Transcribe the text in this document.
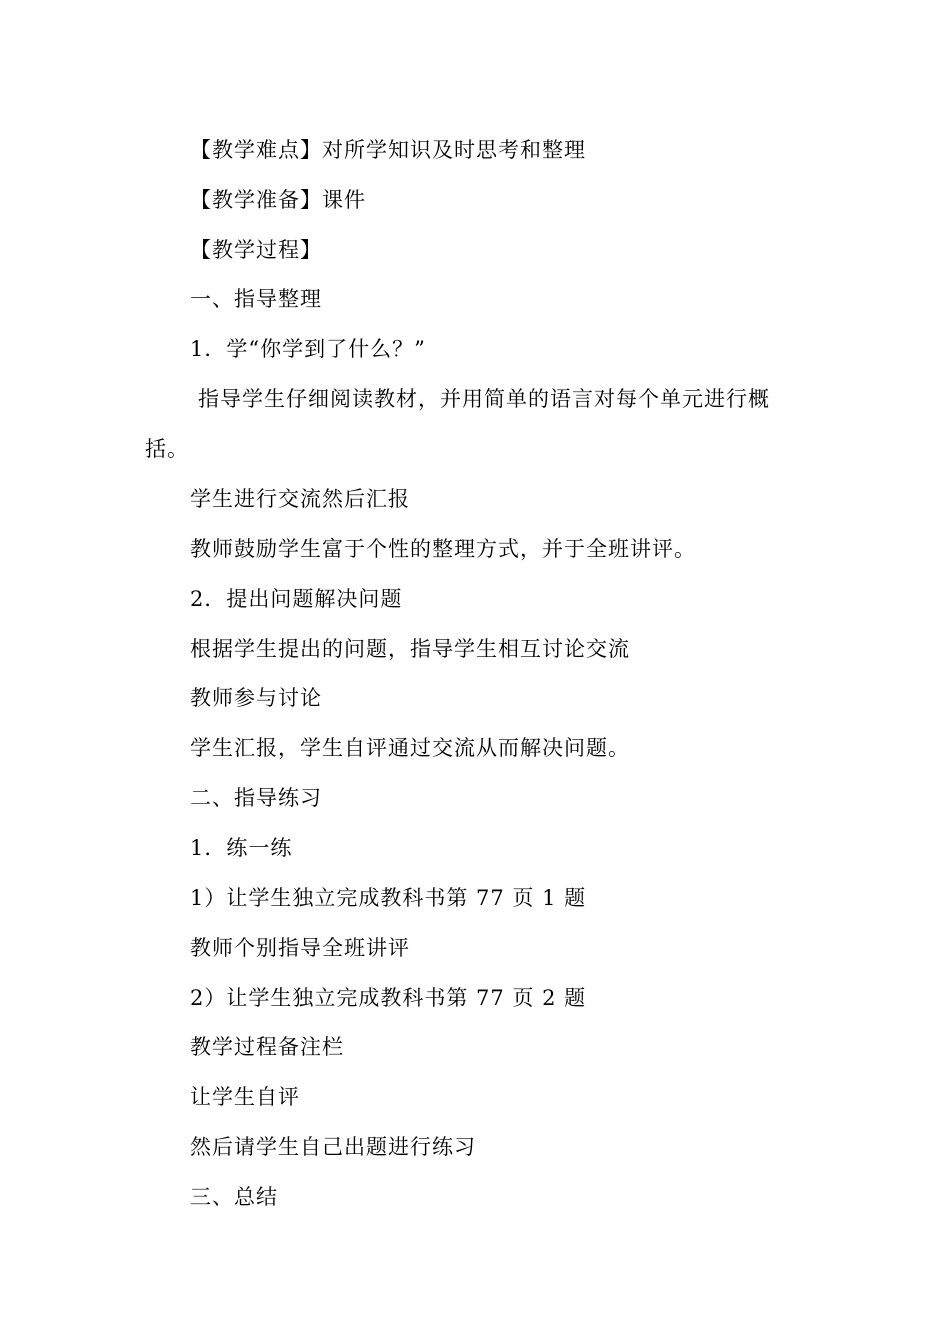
【教学难点】对所学知识及时思考和整理
【教学准备】课件
【教学过程】
一、指导整理
1．学“你学到了什么？”
指导学生仔细阅读教材，并用简单的语言对每个单元进行概
括。
学生进行交流然后汇报
教师鼓励学生富于个性的整理方式，并于全班讲评。
2．提出问题解决问题
根据学生提出的问题，指导学生相互讨论交流
教师参与讨论
学生汇报，学生自评通过交流从而解决问题。
二、指导练习
1．练一练
1）让学生独立完成教科书第 77 页 1 题
教师个别指导全班讲评
2）让学生独立完成教科书第 77 页 2 题
教学过程备注栏
让学生自评
然后请学生自己出题进行练习
三、总结
